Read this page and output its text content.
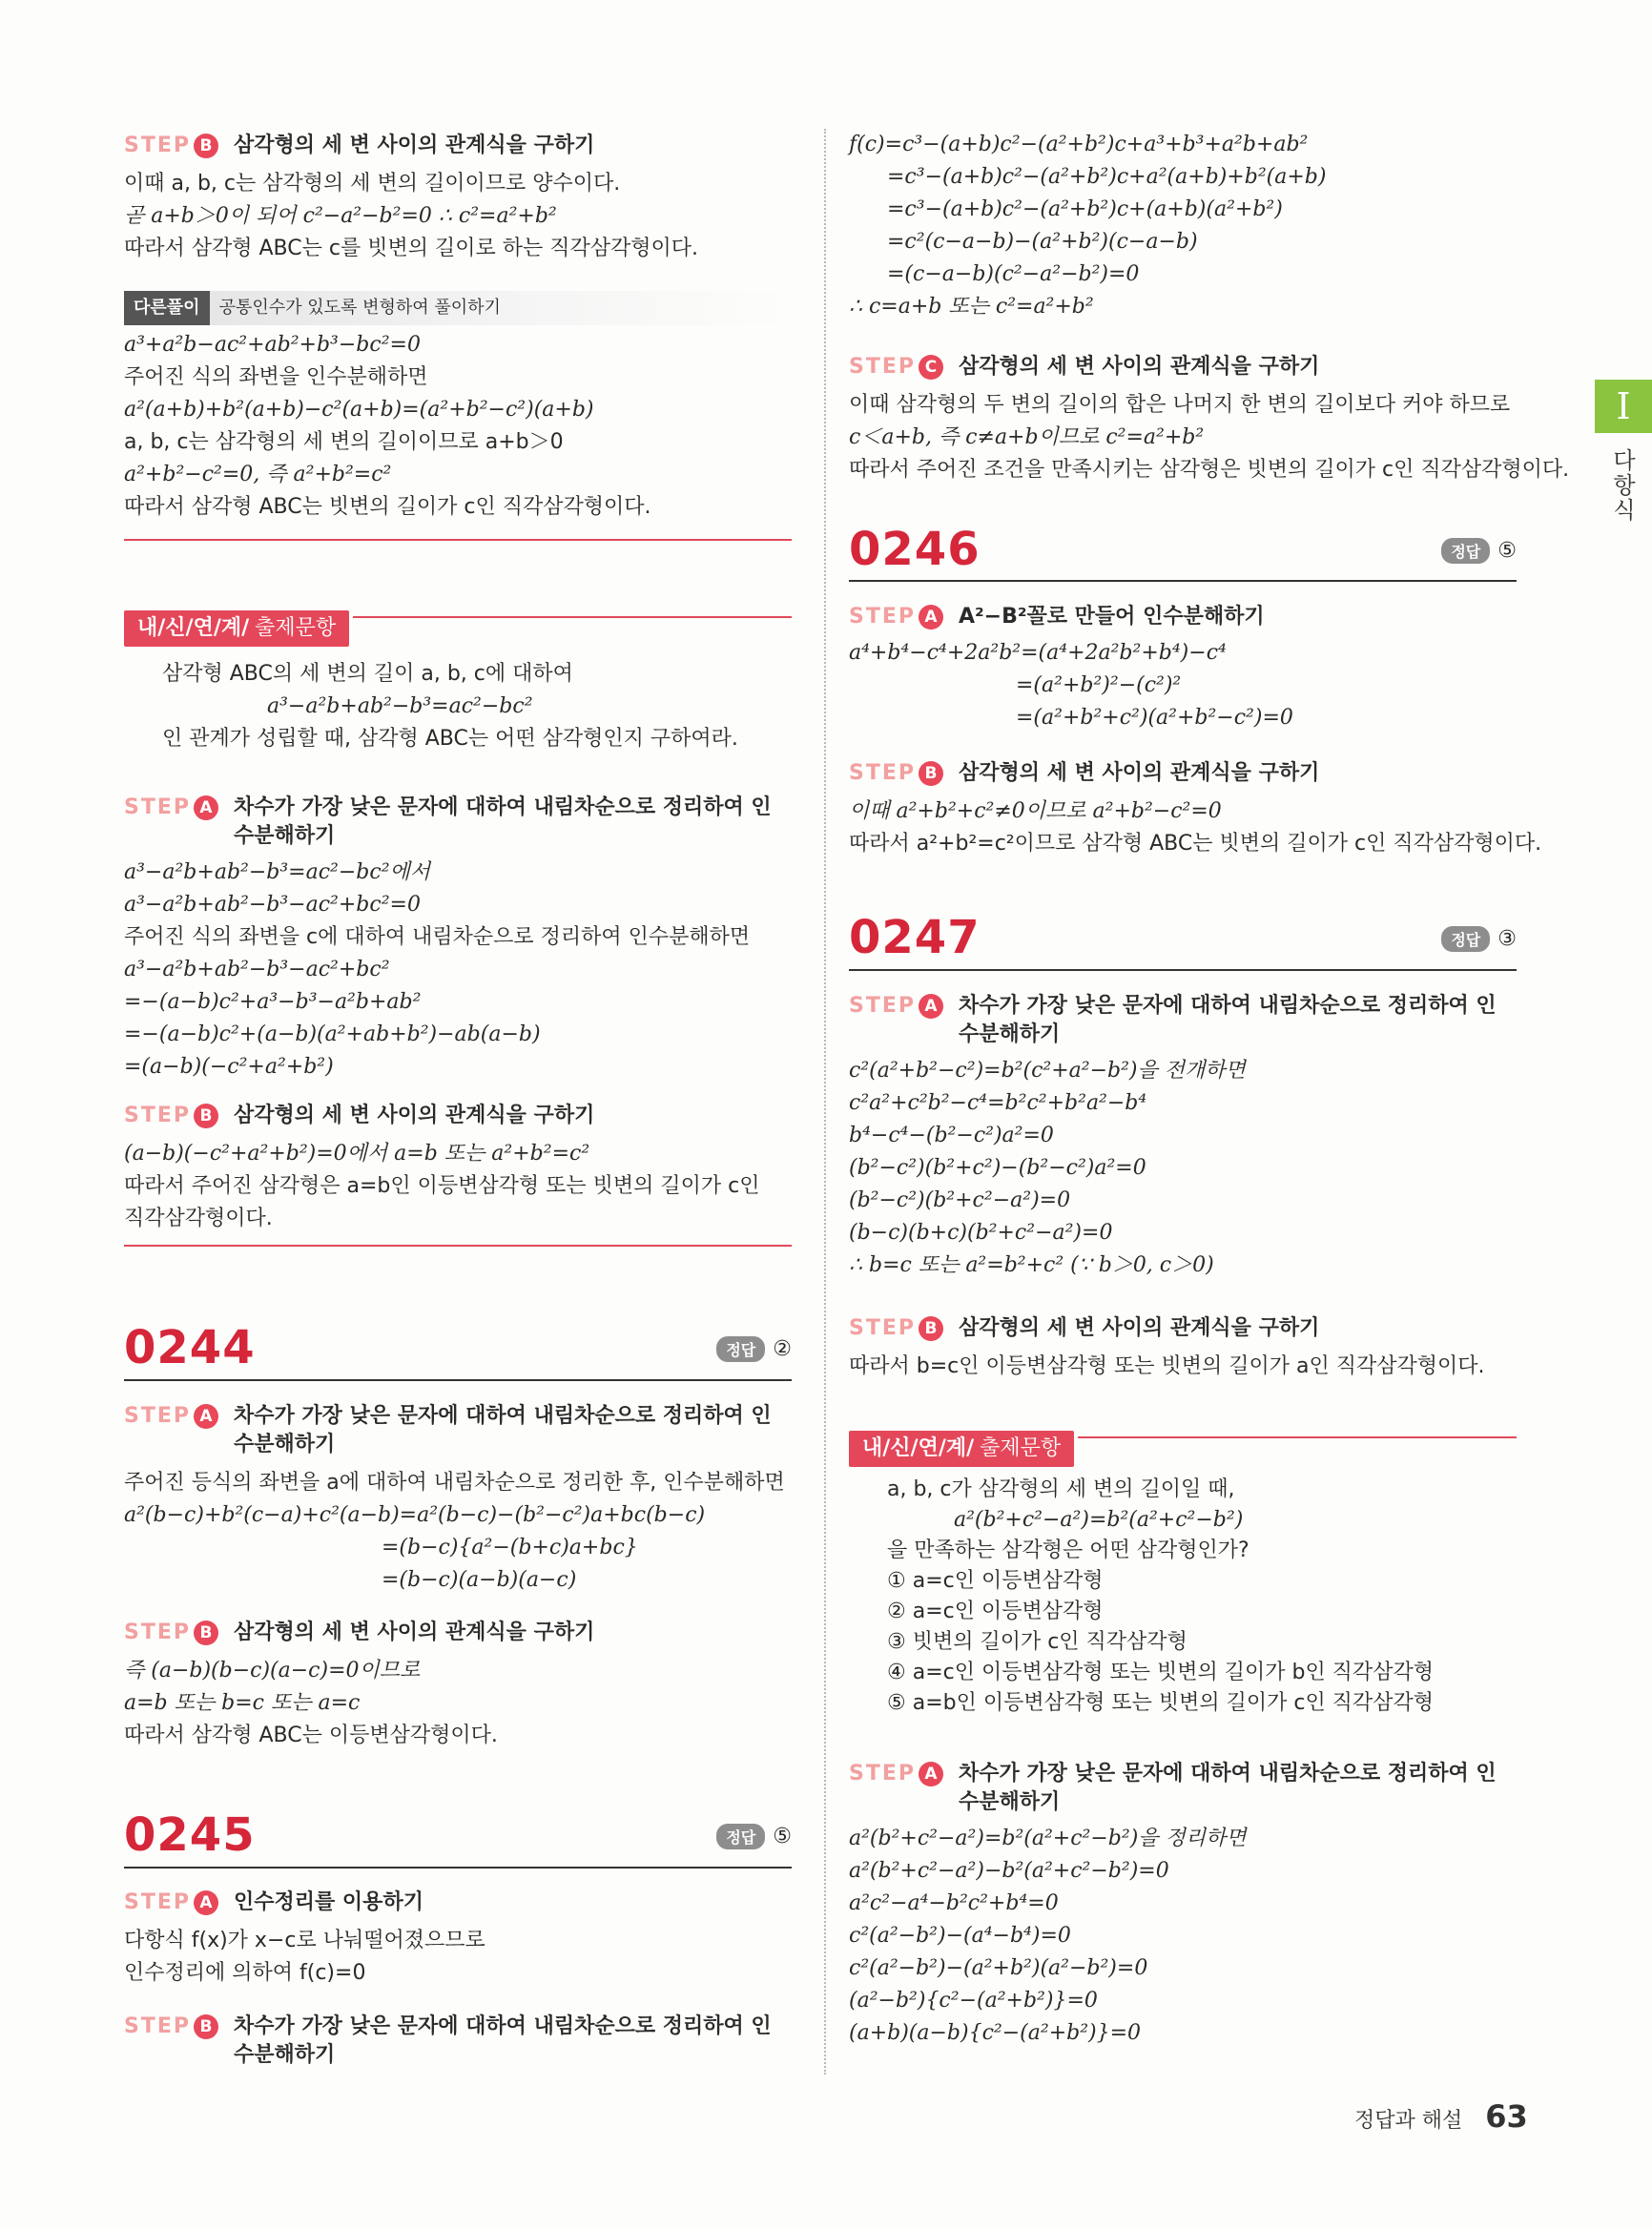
STEP B 삼각형의 세 변 사이의 관계식을 구하기
이때 a, b, c는 삼각형의 세 변의 길이이므로 양수이다.
곧 a+b＞0이 되어 c²−a²−b²=0 ∴ c²=a²+b²
따라서 삼각형 ABC는 c를 빗변의 길이로 하는 직각삼각형이다.
다른풀이	공통인수가 있도록 변형하여 풀이하기
a³+a²b−ac²+ab²+b³−bc²=0
주어진 식의 좌변을 인수분해하면
a²(a+b)+b²(a+b)−c²(a+b)=(a²+b²−c²)(a+b)
a, b, c는 삼각형의 세 변의 길이이므로 a+b＞0
a²+b²−c²=0, 즉 a²+b²=c²
따라서 삼각형 ABC는 빗변의 길이가 c인 직각삼각형이다.
내/신/연/계/ 출제문항
삼각형 ABC의 세 변의 길이 a, b, c에 대하여
a³−a²b+ab²−b³=ac²−bc²
인 관계가 성립할 때, 삼각형 ABC는 어떤 삼각형인지 구하여라.
STEP A 차수가 가장 낮은 문자에 대하여 내림차순으로 정리하여 인수분해하기
a³−a²b+ab²−b³=ac²−bc²에서
a³−a²b+ab²−b³−ac²+bc²=0
주어진 식의 좌변을 c에 대하여 내림차순으로 정리하여 인수분해하면
a³−a²b+ab²−b³−ac²+bc²
=−(a−b)c²+a³−b³−a²b+ab²
=−(a−b)c²+(a−b)(a²+ab+b²)−ab(a−b)
=(a−b)(−c²+a²+b²)
STEP B 삼각형의 세 변 사이의 관계식을 구하기
(a−b)(−c²+a²+b²)=0에서 a=b 또는 a²+b²=c²
따라서 주어진 삼각형은 a=b인 이등변삼각형 또는 빗변의 길이가 c인
직각삼각형이다.
0244	정답 ②
STEP A 차수가 가장 낮은 문자에 대하여 내림차순으로 정리하여 인수분해하기
주어진 등식의 좌변을 a에 대하여 내림차순으로 정리한 후, 인수분해하면
a²(b−c)+b²(c−a)+c²(a−b)=a²(b−c)−(b²−c²)a+bc(b−c)
=(b−c){a²−(b+c)a+bc}
=(b−c)(a−b)(a−c)
STEP B 삼각형의 세 변 사이의 관계식을 구하기
즉 (a−b)(b−c)(a−c)=0이므로
a=b 또는 b=c 또는 a=c
따라서 삼각형 ABC는 이등변삼각형이다.
0245	정답 ⑤
STEP A 인수정리를 이용하기
다항식 f(x)가 x−c로 나눠떨어졌으므로
인수정리에 의하여 f(c)=0
STEP B 차수가 가장 낮은 문자에 대하여 내림차순으로 정리하여 인수분해하기
f(c)=c³−(a+b)c²−(a²+b²)c+a³+b³+a²b+ab²
=c³−(a+b)c²−(a²+b²)c+a²(a+b)+b²(a+b)
=c³−(a+b)c²−(a²+b²)c+(a+b)(a²+b²)
=c²(c−a−b)−(a²+b²)(c−a−b)
=(c−a−b)(c²−a²−b²)=0
∴ c=a+b 또는 c²=a²+b²
STEP C	삼각형의 세 변 사이의 관계식을 구하기
이때 삼각형의 두 변의 길이의 합은 나머지 한 변의 길이보다 커야 하므로
c＜a+b, 즉 c≠a+b이므로 c²=a²+b²
따라서 주어진 조건을 만족시키는 삼각형은 빗변의 길이가 c인 직각삼각형이다.
0246	정답 ⑤
STEP A A²−B²꼴로 만들어 인수분해하기
a⁴+b⁴−c⁴+2a²b²=(a⁴+2a²b²+b⁴)−c⁴
=(a²+b²)²−(c²)²
=(a²+b²+c²)(a²+b²−c²)=0
STEP B 삼각형의 세 변 사이의 관계식을 구하기
이때 a²+b²+c²≠0이므로 a²+b²−c²=0
따라서 a²+b²=c²이므로 삼각형 ABC는 빗변의 길이가 c인 직각삼각형이다.
0247	정답 ③
STEP A 차수가 가장 낮은 문자에 대하여 내림차순으로 정리하여 인수분해하기
c²(a²+b²−c²)=b²(c²+a²−b²)을 전개하면
c²a²+c²b²−c⁴=b²c²+b²a²−b⁴
b⁴−c⁴−(b²−c²)a²=0
(b²−c²)(b²+c²)−(b²−c²)a²=0
(b²−c²)(b²+c²−a²)=0
(b−c)(b+c)(b²+c²−a²)=0
∴ b=c 또는 a²=b²+c² (∵ b＞0, c＞0)
STEP B 삼각형의 세 변 사이의 관계식을 구하기
따라서 b=c인 이등변삼각형 또는 빗변의 길이가 a인 직각삼각형이다.
내/신/연/계/ 출제문항
a, b, c가 삼각형의 세 변의 길이일 때,
a²(b²+c²−a²)=b²(a²+c²−b²)
을 만족하는 삼각형은 어떤 삼각형인가?
① a=c인 이등변삼각형
② a=c인 이등변삼각형
③ 빗변의 길이가 c인 직각삼각형
④ a=c인 이등변삼각형 또는 빗변의 길이가 b인 직각삼각형
⑤ a=b인 이등변삼각형 또는 빗변의 길이가 c인 직각삼각형
STEP A 차수가 가장 낮은 문자에 대하여 내림차순으로 정리하여 인수분해하기
a²(b²+c²−a²)=b²(a²+c²−b²)을 정리하면
a²(b²+c²−a²)−b²(a²+c²−b²)=0
a²c²−a⁴−b²c²+b⁴=0
c²(a²−b²)−(a⁴−b⁴)=0
c²(a²−b²)−(a²+b²)(a²−b²)=0
(a²−b²){c²−(a²+b²)}=0
(a+b)(a−b){c²−(a²+b²)}=0
I
다항식
정답과 해설 63
